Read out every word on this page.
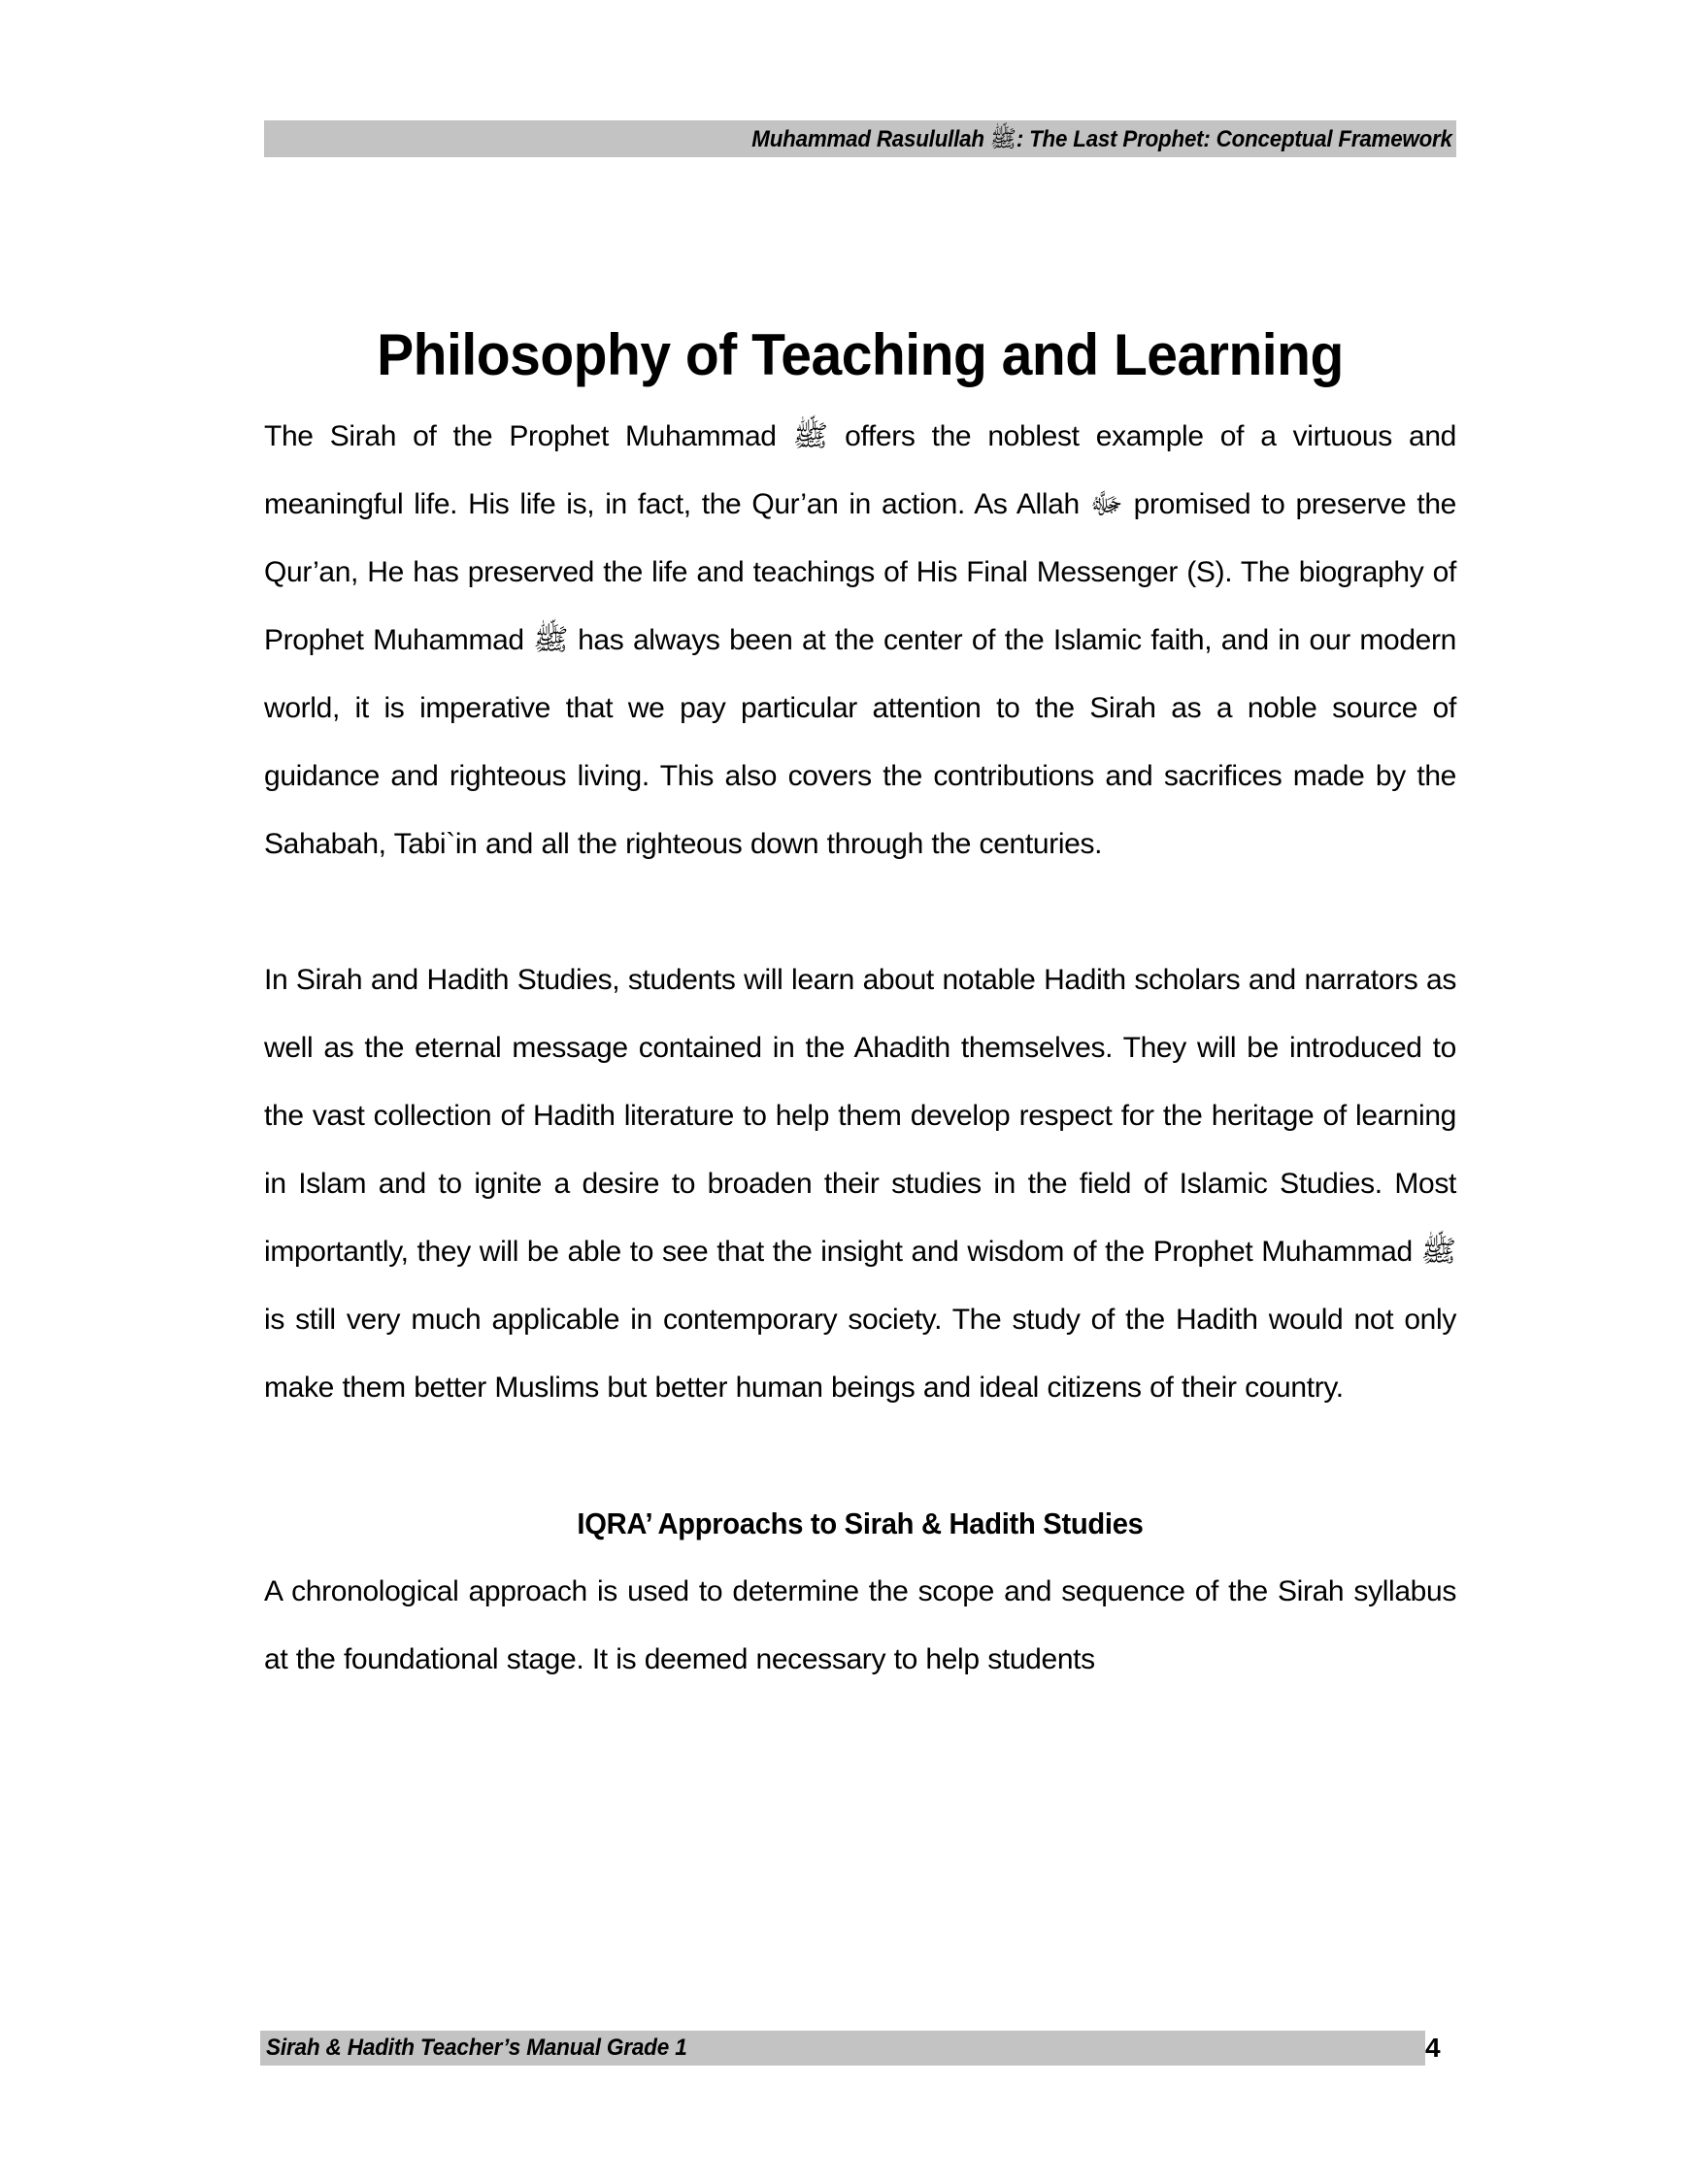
Muhammad Rasulullah ﷺ: The Last Prophet: Conceptual Framework
Philosophy of Teaching and Learning

The Sirah of the Prophet Muhammad ﷺ offers the noblest example of a virtuous and meaningful life. His life is, in fact, the Qur’an in action. As Allah ﷻ promised to preserve the Qur’an, He has preserved the life and teachings of His Final Messenger (S). The biography of Prophet Muhammad ﷺ has always been at the center of the Islamic faith, and in our modern world, it is imperative that we pay particular attention to the Sirah as a noble source of guidance and righteous living. This also covers the contributions and sacrifices made by the Sahabah, Tabi`in and all the righteous down through the centuries.

In Sirah and Hadith Studies, students will learn about notable Hadith scholars and narrators as well as the eternal message contained in the Ahadith themselves. They will be introduced to the vast collection of Hadith literature to help them develop respect for the heritage of learning in Islam and to ignite a desire to broaden their studies in the field of Islamic Studies. Most importantly, they will be able to see that the insight and wisdom of the Prophet Muhammad ﷺ is still very much applicable in contemporary society. The study of the Hadith would not only make them better Muslims but better human beings and ideal citizens of their country.

IQRA’ Approachs to Sirah & Hadith Studies

A chronological approach is used to determine the scope and sequence of the Sirah syllabus at the foundational stage. It is deemed necessary to help students

Sirah & Hadith Teacher’s Manual Grade 1	4
